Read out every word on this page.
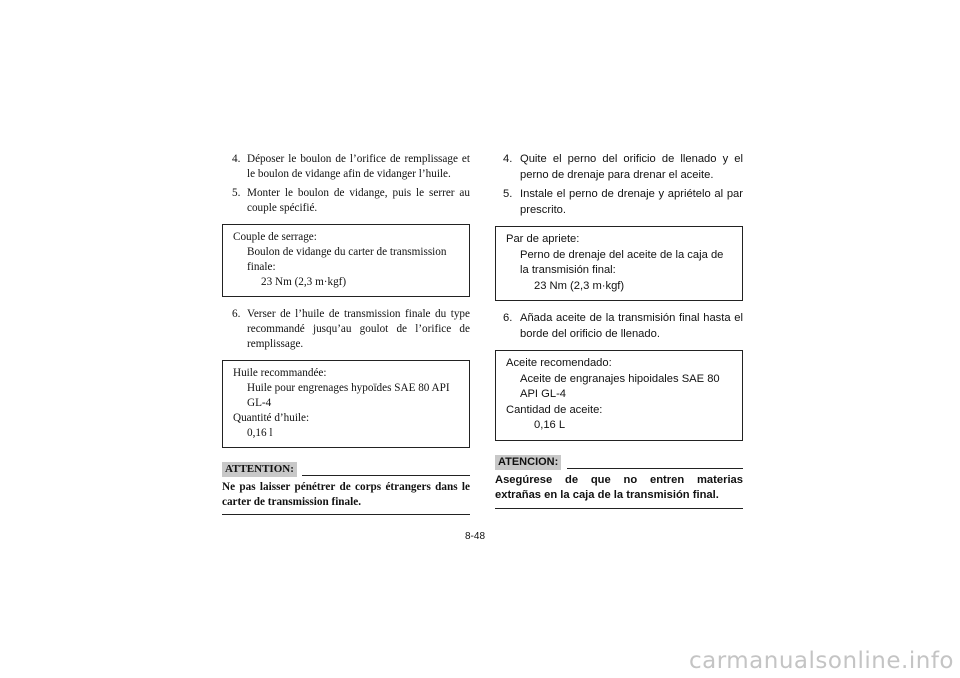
4. Déposer le boulon de l’orifice de remplissage et le boulon de vidange afin de vidanger l’huile.
5. Monter le boulon de vidange, puis le serrer au couple spécifié.
Couple de serrage:
Boulon de vidange du carter de transmission finale:
23 Nm (2,3 m·kgf)
6. Verser de l’huile de transmission finale du type recommandé jusqu’au goulot de l’orifice de remplissage.
Huile recommandée:
Huile pour engrenages hypoïdes SAE 80 API GL-4
Quantité d’huile:
0,16 l
ATTENTION:
Ne pas laisser pénétrer de corps étrangers dans le carter de transmission finale.
4. Quite el perno del orificio de llenado y el perno de drenaje para drenar el aceite.
5. Instale el perno de drenaje y apriételo al par prescrito.
Par de apriete:
Perno de drenaje del aceite de la caja de la transmisión final:
23 Nm (2,3 m·kgf)
6. Añada aceite de la transmisión final hasta el borde del orificio de llenado.
Aceite recomendado:
Aceite de engranajes hipoidales SAE 80 API GL-4
Cantidad de aceite:
0,16 L
ATENCION:
Asegúrese de que no entren materias extrañas en la caja de la transmisión final.
8-48
carmanualsonline.info
